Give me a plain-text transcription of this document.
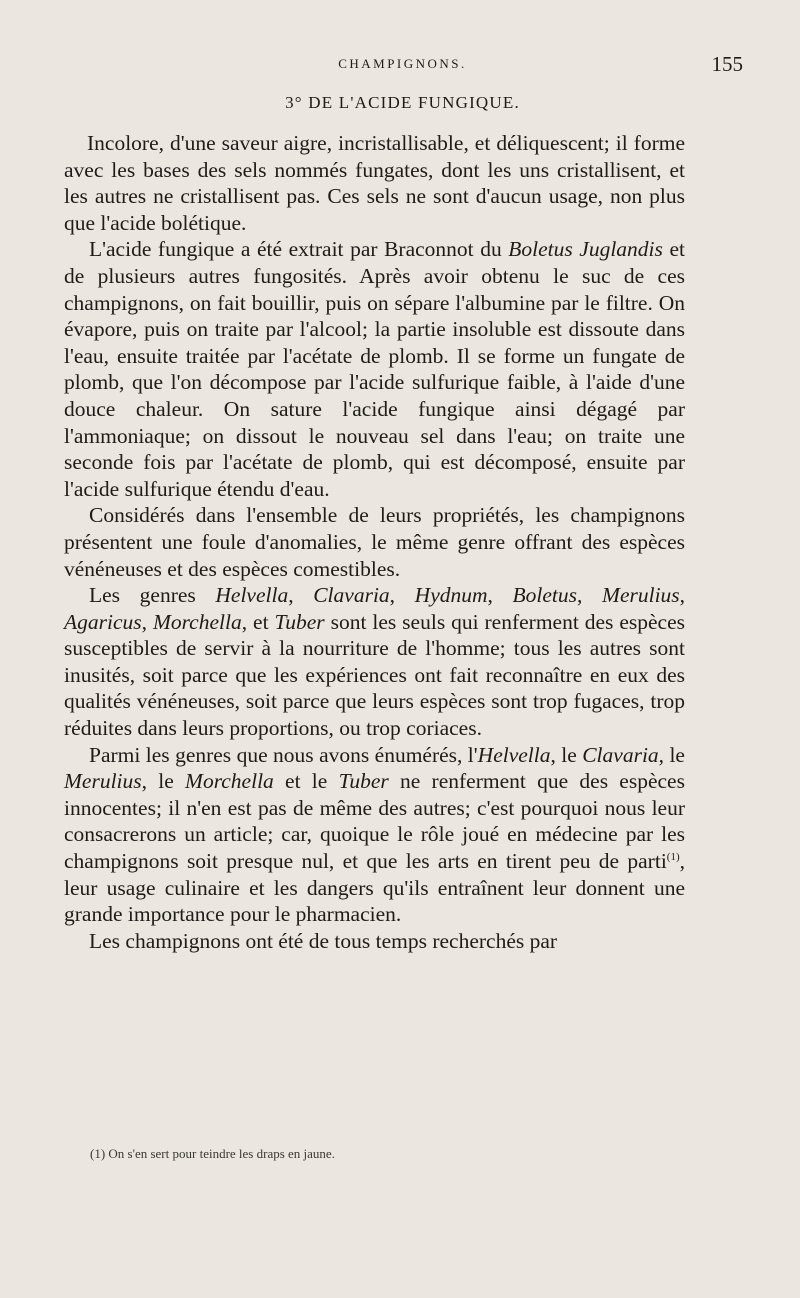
CHAMPIGNONS.	155
3° DE L'ACIDE FUNGIQUE.

Incolore, d'une saveur aigre, incristallisable, et déliquescent; il forme avec les bases des sels nommés fungates, dont les uns cristallisent, et les autres ne cristallisent pas. Ces sels ne sont d'aucun usage, non plus que l'acide bolétique.

L'acide fungique a été extrait par Braconnot du Boletus Juglandis et de plusieurs autres fungosités. Après avoir obtenu le suc de ces champignons, on fait bouillir, puis on sépare l'albumine par le filtre. On évapore, puis on traite par l'alcool; la partie insoluble est dissoute dans l'eau, ensuite traitée par l'acétate de plomb. Il se forme un fungate de plomb, que l'on décompose par l'acide sulfurique faible, à l'aide d'une douce chaleur. On sature l'acide fungique ainsi dégagé par l'ammoniaque; on dissout le nouveau sel dans l'eau; on traite une seconde fois par l'acétate de plomb, qui est décomposé, ensuite par l'acide sulfurique étendu d'eau.

Considérés dans l'ensemble de leurs propriétés, les champignons présentent une foule d'anomalies, le même genre offrant des espèces vénéneuses et des espèces comestibles.

Les genres Helvella, Clavaria, Hydnum, Boletus, Merulius, Agaricus, Morchella, et Tuber sont les seuls qui renferment des espèces susceptibles de servir à la nourriture de l'homme; tous les autres sont inusités, soit parce que les expériences ont fait reconnaître en eux des qualités vénéneuses, soit parce que leurs espèces sont trop fugaces, trop réduites dans leurs proportions, ou trop coriaces.

Parmi les genres que nous avons énumérés, l'Helvella, le Clavaria, le Merulius, le Morchella et le Tuber ne renferment que des espèces innocentes; il n'en est pas de même des autres; c'est pourquoi nous leur consacrerons un article; car, quoique le rôle joué en médecine par les champignons soit presque nul, et que les arts en tirent peu de parti$^{(1)}$, leur usage culinaire et les dangers qu'ils entraînent leur donnent une grande importance pour le pharmacien.

Les champignons ont été de tous temps recherchés par

(1) On s'en sert pour teindre les draps en jaune.
